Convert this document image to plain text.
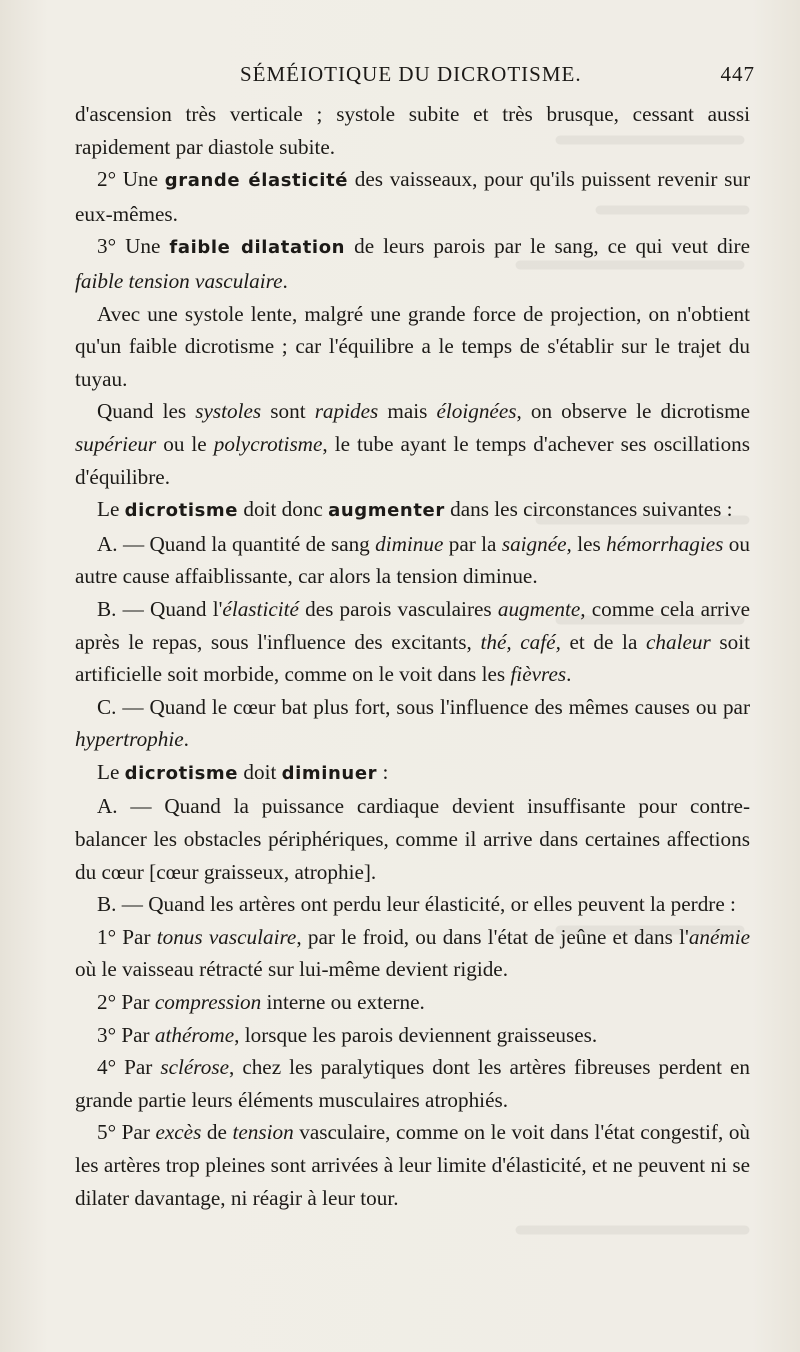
SÉMÉIOTIQUE DU DICROTISME.	447

d'ascension très verticale ; systole subite et très brusque, cessant aussi rapidement par diastole subite.

2° Une grande élasticité des vaisseaux, pour qu'ils puissent revenir sur eux-mêmes.

3° Une faible dilatation de leurs parois par le sang, ce qui veut dire faible tension vasculaire.

Avec une systole lente, malgré une grande force de projection, on n'obtient qu'un faible dicrotisme ; car l'équilibre a le temps de s'établir sur le trajet du tuyau.

Quand les systoles sont rapides mais éloignées, on observe le dicrotisme supérieur ou le polycrotisme, le tube ayant le temps d'achever ses oscillations d'équilibre.

Le dicrotisme doit donc augmenter dans les circonstances suivantes :

A. — Quand la quantité de sang diminue par la saignée, les hémorrhagies ou autre cause affaiblissante, car alors la tension diminue.

B. — Quand l'élasticité des parois vasculaires augmente, comme cela arrive après le repas, sous l'influence des excitants, thé, café, et de la chaleur soit artificielle soit morbide, comme on le voit dans les fièvres.

C. — Quand le cœur bat plus fort, sous l'influence des mêmes causes ou par hypertrophie.

Le dicrotisme doit diminuer :

A. — Quand la puissance cardiaque devient insuffisante pour contre-balancer les obstacles périphériques, comme il arrive dans certaines affections du cœur [cœur graisseux, atrophie].

B. — Quand les artères ont perdu leur élasticité, or elles peuvent la perdre :

1° Par tonus vasculaire, par le froid, ou dans l'état de jeûne et dans l'anémie où le vaisseau rétracté sur lui-même devient rigide.

2° Par compression interne ou externe.

3° Par athérome, lorsque les parois deviennent graisseuses.

4° Par sclérose, chez les paralytiques dont les artères fibreuses perdent en grande partie leurs éléments musculaires atrophiés.

5° Par excès de tension vasculaire, comme on le voit dans l'état congestif, où les artères trop pleines sont arrivées à leur limite d'élasticité, et ne peuvent ni se dilater davantage, ni réagir à leur tour.
